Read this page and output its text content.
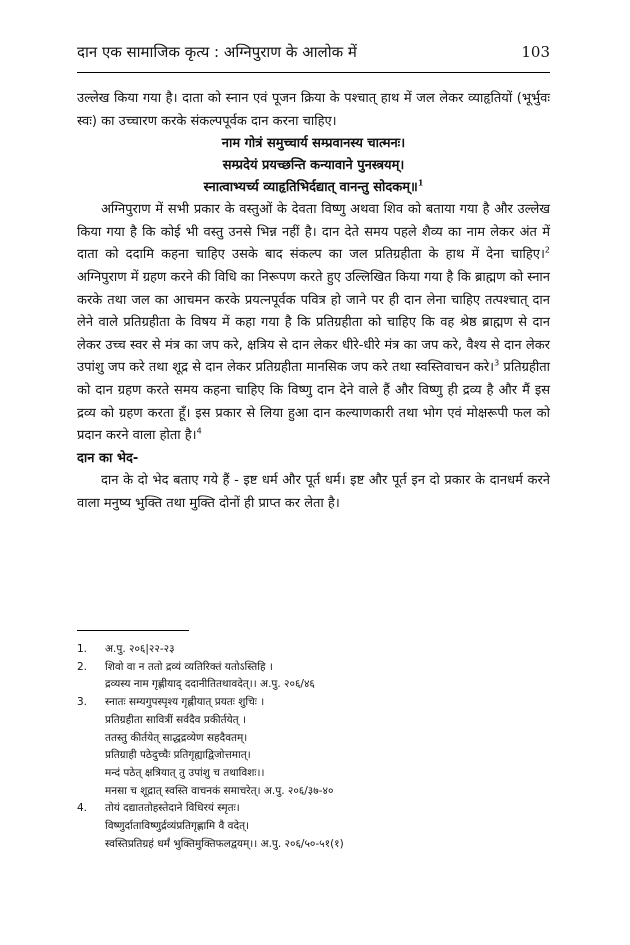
दान एक सामाजिक कृत्य : अग्निपुराण के आलोक में	103

उल्लेख किया गया है। दाता को स्नान एवं पूजन क्रिया के पश्चात् हाथ में जल लेकर व्याहृतियों (भूर्भुवः स्वः) का उच्चारण करके संकल्पपूर्वक दान करना चाहिए।

नाम गोत्रं समुच्चार्य सम्प्रवानस्य चात्मनः।

सम्प्रदेयं प्रयच्छन्ति कन्यावाने पुनस्त्रयम्।

स्नात्वाभ्यर्च्य व्याहृतिभिर्दद्यात् वानन्तु सोदकम्॥$^1$

अग्निपुराण में सभी प्रकार के वस्तुओं के देवता विष्णु अथवा शिव को बताया गया है और उल्लेख किया गया है कि कोई भी वस्तु उनसे भिन्न नहीं है। दान देते समय पहले शैव्य का नाम लेकर अंत में दाता को ददामि कहना चाहिए उसके बाद संकल्प का जल प्रतिग्रहीता के हाथ में देना चाहिए।$^2$ अग्निपुराण में ग्रहण करने की विधि का निरूपण करते हुए उल्लिखित किया गया है कि ब्राह्मण को स्नान करके तथा जल का आचमन करके प्रयत्नपूर्वक पवित्र हो जाने पर ही दान लेना चाहिए तत्पश्चात् दान लेने वाले प्रतिग्रहीता के विषय में कहा गया है कि प्रतिग्रहीता को चाहिए कि वह श्रेष्ठ ब्राह्मण से दान लेकर उच्च स्वर से मंत्र का जप करे, क्षत्रिय से दान लेकर धीरे-धीरे मंत्र का जप करे, वैश्य से दान लेकर उपांशु जप करे तथा शूद्र से दान लेकर प्रतिग्रहीता मानसिक जप करे तथा स्वस्तिवाचन करे।$^3$ प्रतिग्रहीता को दान ग्रहण करते समय कहना चाहिए कि विष्णु दान देने वाले हैं और विष्णु ही द्रव्य है और मैं इस द्रव्य को ग्रहण करता हूँ। इस प्रकार से लिया हुआ दान कल्याणकारी तथा भोग एवं मोक्षरूपी फल को प्रदान करने वाला होता है।$^4$

दान का भेद-

दान के दो भेद बताए गये हैं - इष्ट धर्म और पूर्त धर्म। इष्ट और पूर्त इन दो प्रकार के दानधर्म करने वाला मनुष्य भुक्ति तथा मुक्ति दोनों ही प्राप्त कर लेता है।

1.	अ.पु. २०६|२२-२३
2.	शिवो वा न ततो द्रव्यं व्यतिरिक्तं यतोऽस्तिहि ।
द्रव्यस्य नाम गृह्णीयाद् ददानीतितथावदेत्।। अ.पु. २०६/४६
3.	स्नातः सम्यगुपस्पृश्य गृह्णीयात् प्रयतः शुचिः ।
प्रतिग्रहीता सावित्रीं सर्वदैव प्रकीर्तयेत् ।
ततस्तु कीर्तयेत् साद्धद्रव्येण सहदैवतम्।
प्रतिग्राही पठेदुच्चैः प्रतिगृह्याद्विजोत्तमात्।
मन्दं पठेत् क्षत्रियात् तु उपांशु च तथाविशः।।
मनसा च शूद्रात् स्वस्ति वाचनकं समाचरेत्। अ.पु. २०६/३७-४०
4.	तोयं दद्याततोहस्तेदाने विधिरयं स्मृतः।
विष्णुर्दाताविष्णुर्द्रव्यंप्रतिगृह्णामि वै वदेत्।
स्वस्तिप्रतिग्रहं धर्मं भुक्तिमुक्तिफलद्वयम्।। अ.पु. २०६/५०-५१(१)
